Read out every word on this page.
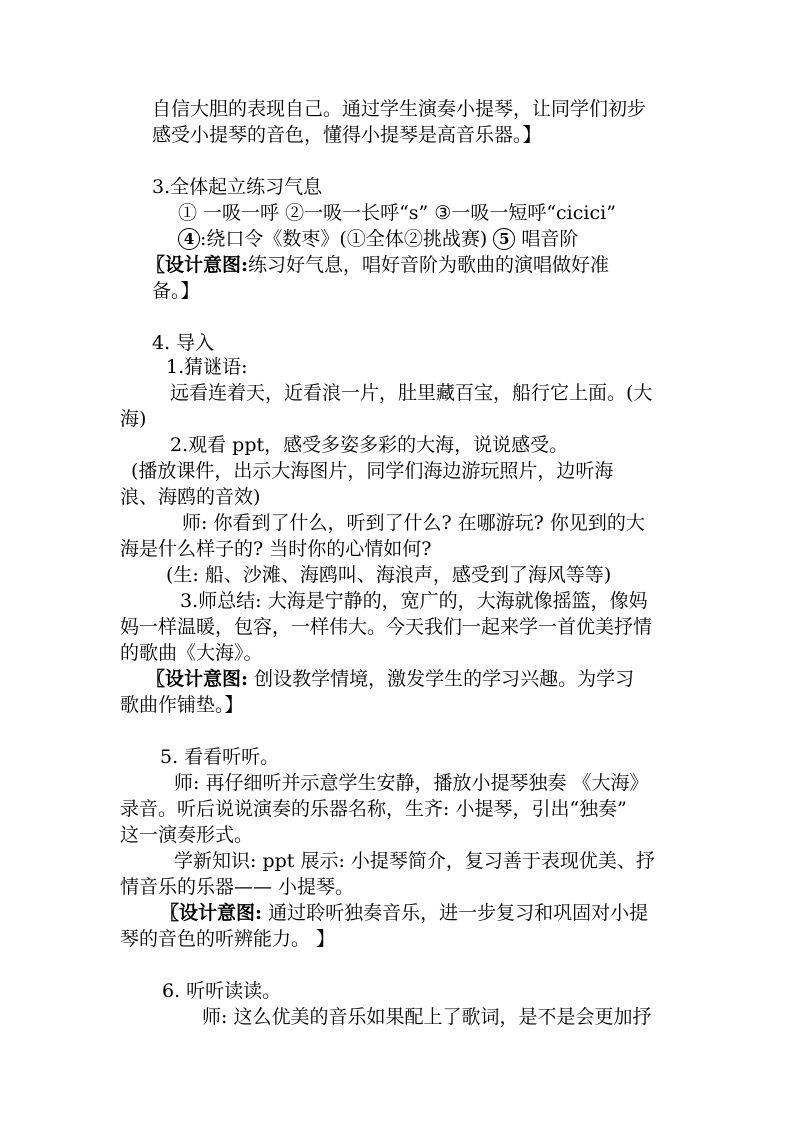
自信大胆的表现自己。通过学生演奏小提琴，让同学们初步
感受小提琴的音色，懂得小提琴是高音乐器。】
3.全体起立练习气息
① 一吸一呼 ②一吸一长呼“s” ③一吸一短呼“cicici”
4 :绕口令《数枣》(①全体②挑战赛) 5 唱音阶
〖设计意图:练习好气息，唱好音阶为歌曲的演唱做好准
备。】
4. 导入
1.猜谜语:
远看连着天，近看浪一片，肚里藏百宝，船行它上面。(大
海)
2.观看 ppt，感受多姿多彩的大海，说说感受。
(播放课件，出示大海图片，同学们海边游玩照片，边听海
浪、海鸥的音效)
师: 你看到了什么，听到了什么? 在哪游玩? 你见到的大
海是什么样子的? 当时你的心情如何?
(生: 船、沙滩、海鸥叫、海浪声，感受到了海风等等)
3.师总结: 大海是宁静的，宽广的，大海就像摇篮，像妈
妈一样温暖，包容，一样伟大。今天我们一起来学一首优美抒情
的歌曲《大海》。
〖设计意图: 创设教学情境，激发学生的学习兴趣。为学习
歌曲作铺垫。】
5. 看看听听。
师: 再仔细听并示意学生安静，播放小提琴独奏 《大海》
录音。听后说说演奏的乐器名称，生齐: 小提琴，引出“独奏”
这一演奏形式。
学新知识: ppt 展示: 小提琴简介，复习善于表现优美、抒
情音乐的乐器—— 小提琴。
〖设计意图: 通过聆听独奏音乐，进一步复习和巩固对小提
琴的音色的听辨能力。 】
6. 听听读读。
师: 这么优美的音乐如果配上了歌词，是不是会更加抒
